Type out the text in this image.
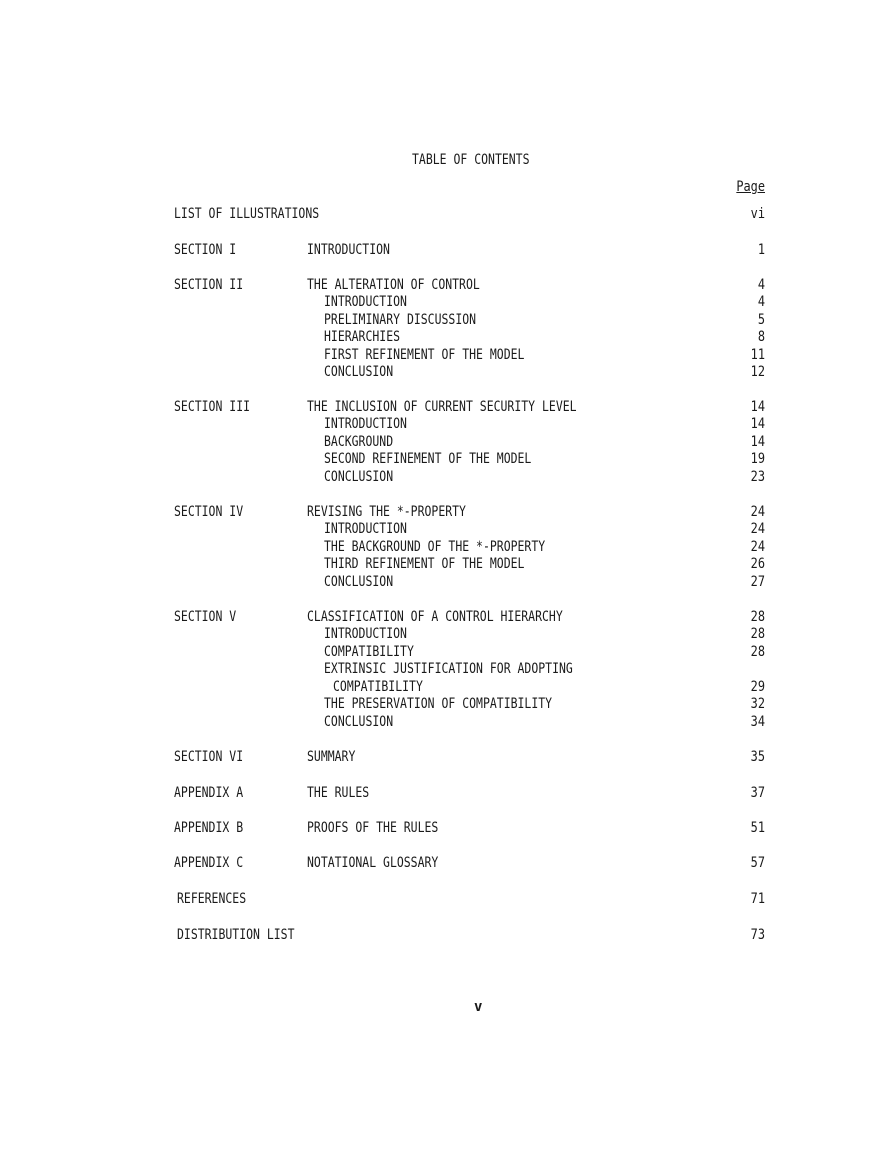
TABLE OF CONTENTS
Page
LIST OF ILLUSTRATIONS	vi
SECTION I	INTRODUCTION	1
SECTION II	THE ALTERATION OF CONTROL	4
INTRODUCTION	4
PRELIMINARY DISCUSSION	5
HIERARCHIES	8
FIRST REFINEMENT OF THE MODEL	11
CONCLUSION	12
SECTION III	THE INCLUSION OF CURRENT SECURITY LEVEL	14
INTRODUCTION	14
BACKGROUND	14
SECOND REFINEMENT OF THE MODEL	19
CONCLUSION	23
SECTION IV	REVISING THE *-PROPERTY	24
INTRODUCTION	24
THE BACKGROUND OF THE *-PROPERTY	24
THIRD REFINEMENT OF THE MODEL	26
CONCLUSION	27
SECTION V	CLASSIFICATION OF A CONTROL HIERARCHY	28
INTRODUCTION	28
COMPATIBILITY	28
EXTRINSIC JUSTIFICATION FOR ADOPTING
COMPATIBILITY	29
THE PRESERVATION OF COMPATIBILITY	32
CONCLUSION	34
SECTION VI	SUMMARY	35
APPENDIX A	THE RULES	37
APPENDIX B	PROOFS OF THE RULES	51
APPENDIX C	NOTATIONAL GLOSSARY	57
REFERENCES	71
DISTRIBUTION LIST	73
v
